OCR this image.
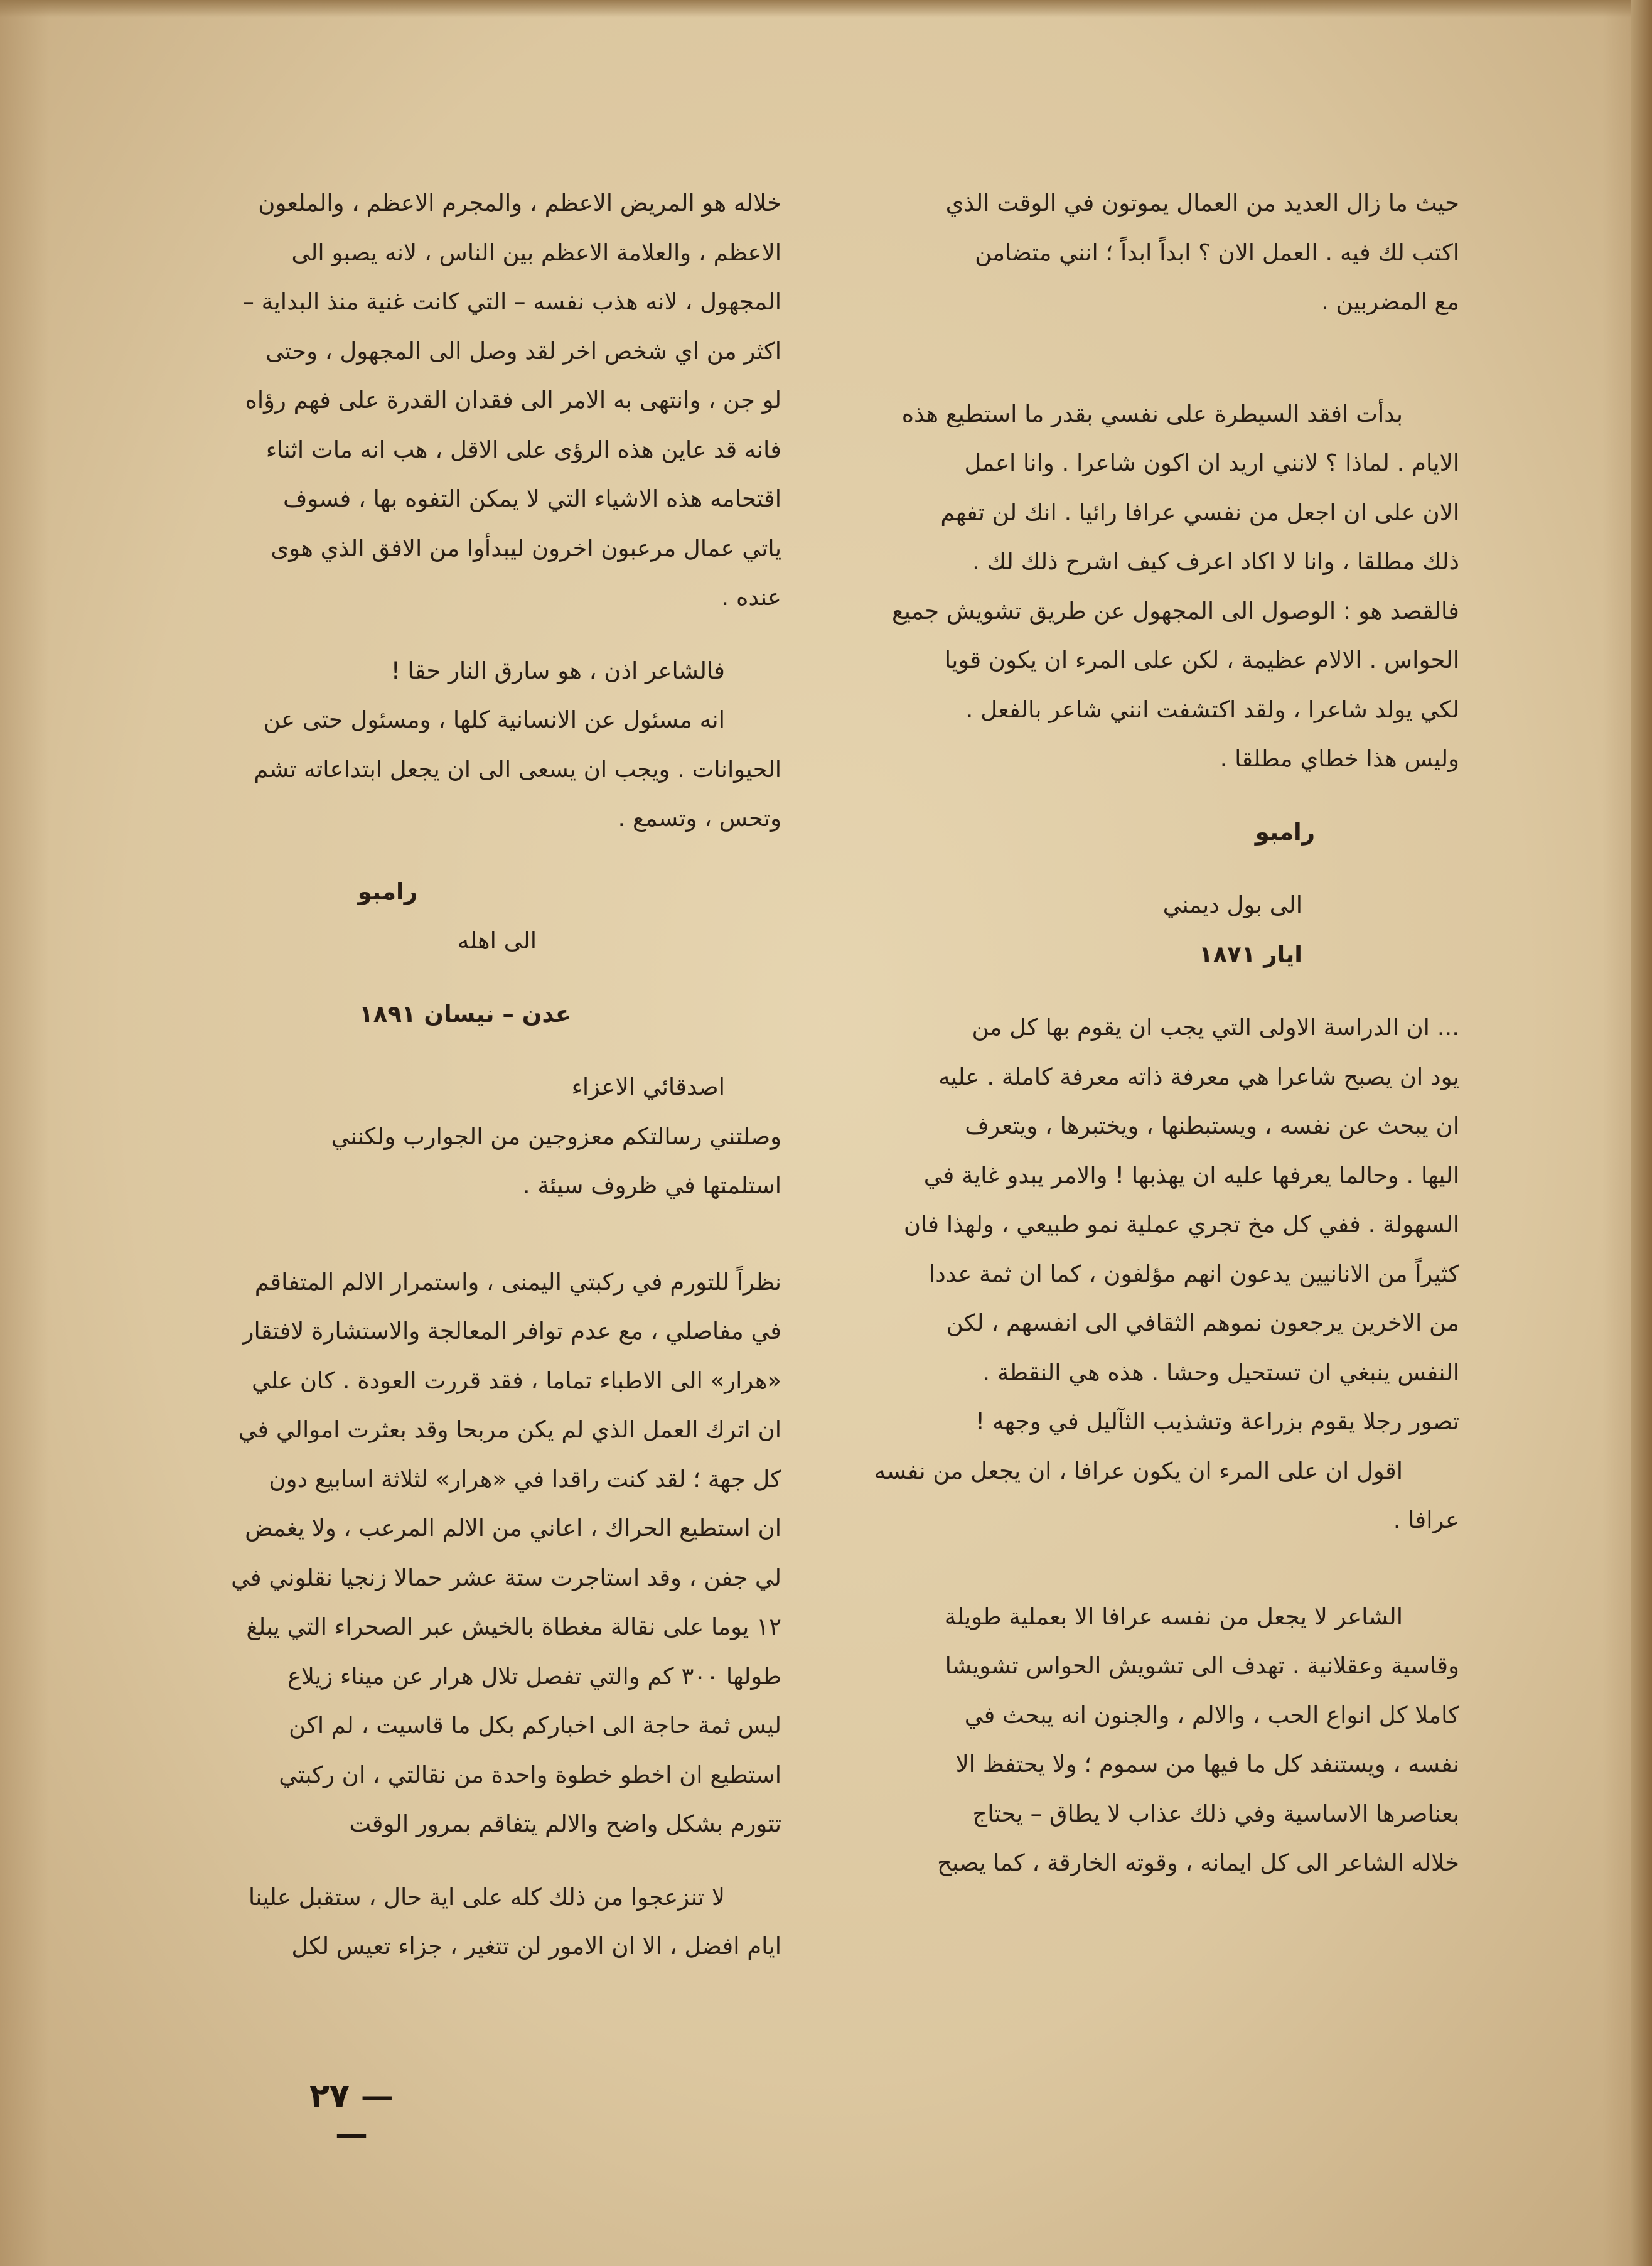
حيث ما زال العديد من العمال يموتون في الوقت الذي

اكتب لك فيه . العمل الان ؟ ابداً ابداً ؛ انني متضامن

مع المضربين .

بدأت افقد السيطرة على نفسي بقدر ما استطيع هذه

الايام . لماذا ؟ لانني اريد ان اكون شاعرا . وانا اعمل

الان على ان اجعل من نفسي عرافا رائيا . انك لن تفهم

ذلك مطلقا ، وانا لا اكاد اعرف كيف اشرح ذلك لك .

فالقصد هو : الوصول الى المجهول عن طريق تشويش جميع

الحواس . الالام عظيمة ، لكن على المرء ان يكون قويا

لكي يولد شاعرا ، ولقد اكتشفت انني شاعر بالفعل .

وليس هذا خطاي مطلقا .

رامبو

الى بول ديمني

ايار ١٨٧١

... ان الدراسة الاولى التي يجب ان يقوم بها كل من

يود ان يصبح شاعرا هي معرفة ذاته معرفة كاملة . عليه

ان يبحث عن نفسه ، ويستبطنها ، ويختبرها ، ويتعرف

اليها . وحالما يعرفها عليه ان يهذبها ! والامر يبدو غاية في

السهولة . ففي كل مخ تجري عملية نمو طبيعي ، ولهذا فان

كثيراً من الانانيين يدعون انهم مؤلفون ، كما ان ثمة عددا

من الاخرين يرجعون نموهم الثقافي الى انفسهم ، لكن

النفس ينبغي ان تستحيل وحشا . هذه هي النقطة .

تصور رجلا يقوم بزراعة وتشذيب الثآليل في وجهه !

اقول ان على المرء ان يكون عرافا ، ان يجعل من نفسه

عرافا .

الشاعر لا يجعل من نفسه عرافا الا بعملية طويلة

وقاسية وعقلانية . تهدف الى تشويش الحواس تشويشا

كاملا كل انواع الحب ، والالم ، والجنون انه يبحث في

نفسه ، ويستنفد كل ما فيها من سموم ؛ ولا يحتفظ الا

بعناصرها الاساسية وفي ذلك عذاب لا يطاق – يحتاج

خلاله الشاعر الى كل ايمانه ، وقوته الخارقة ، كما يصبح

خلاله هو المريض الاعظم ، والمجرم الاعظم ، والملعون

الاعظم ، والعلامة الاعظم بين الناس ، لانه يصبو الى

المجهول ، لانه هذب نفسه – التي كانت غنية منذ البداية –

اكثر من اي شخص اخر لقد وصل الى المجهول ، وحتى

لو جن ، وانتهى به الامر الى فقدان القدرة على فهم رؤاه

فانه قد عاين هذه الرؤى على الاقل ، هب انه مات اثناء

اقتحامه هذه الاشياء التي لا يمكن التفوه بها ، فسوف

ياتي عمال مرعبون اخرون ليبدأوا من الافق الذي هوى

عنده .

فالشاعر اذن ، هو سارق النار حقا !

انه مسئول عن الانسانية كلها ، ومسئول حتى عن

الحيوانات . ويجب ان يسعى الى ان يجعل ابتداعاته تشم

وتحس ، وتسمع .

رامبو

الى اهله

عدن – نيسان ١٨٩١

اصدقائي الاعزاء

وصلتني رسالتكم معزوجين من الجوارب ولكنني

استلمتها في ظروف سيئة .

نظراً للتورم في ركبتي اليمنى ، واستمرار الالم المتفاقم

في مفاصلي ، مع عدم توافر المعالجة والاستشارة لافتقار

«هرار» الى الاطباء تماما ، فقد قررت العودة . كان علي

ان اترك العمل الذي لم يكن مربحا وقد بعثرت اموالي في

كل جهة ؛ لقد كنت راقدا في «هرار» لثلاثة اسابيع دون

ان استطيع الحراك ، اعاني من الالم المرعب ، ولا يغمض

لي جفن ، وقد استاجرت ستة عشر حمالا زنجيا نقلوني في

١٢ يوما على نقالة مغطاة بالخيش عبر الصحراء التي يبلغ

طولها ٣٠٠ كم والتي تفصل تلال هرار عن ميناء زيلاع

ليس ثمة حاجة الى اخباركم بكل ما قاسيت ، لم اكن

استطيع ان اخطو خطوة واحدة من نقالتي ، ان ركبتي

تتورم بشكل واضح والالم يتفاقم بمرور الوقت

لا تنزعجوا من ذلك كله على اية حال ، ستقبل علينا

ايام افضل ، الا ان الامور لن تتغير ، جزاء تعيس لكل

— ٢٧ —
